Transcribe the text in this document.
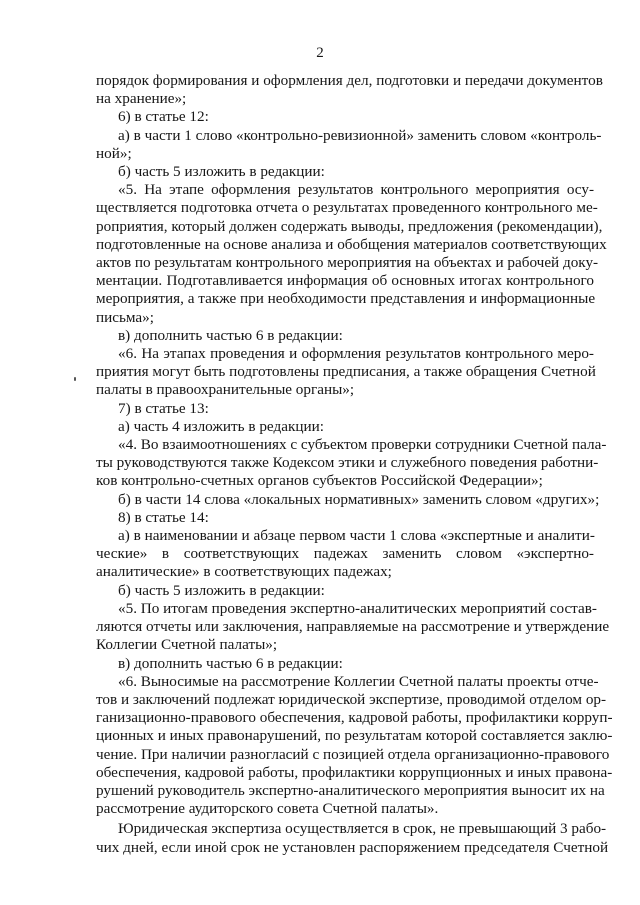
2
порядок формирования и оформления дел, подготовки и передачи документов
на хранение»;
6) в статье 12:
а) в части 1 слово «контрольно-ревизионной» заменить словом «контроль-
ной»;
б) часть 5 изложить в редакции:
«5. На этапе оформления результатов контрольного мероприятия осу-
ществляется подготовка отчета о результатах проведенного контрольного ме-
роприятия, который должен содержать выводы, предложения (рекомендации),
подготовленные на основе анализа и обобщения материалов соответствующих
актов по результатам контрольного мероприятия на объектах и рабочей доку-
ментации. Подготавливается информация об основных итогах контрольного
мероприятия, а также при необходимости представления и информационные
письма»;
в) дополнить частью 6 в редакции:
«6. На этапах проведения и оформления результатов контрольного меро-
приятия могут быть подготовлены предписания, а также обращения Счетной
палаты в правоохранительные органы»;
7) в статье 13:
а) часть 4 изложить в редакции:
«4. Во взаимоотношениях с субъектом проверки сотрудники Счетной пала-
ты руководствуются также Кодексом этики и служебного поведения работни-
ков контрольно-счетных органов субъектов Российской Федерации»;
б) в части 14 слова «локальных нормативных» заменить словом «других»;
8) в статье 14:
а) в наименовании и абзаце первом части 1 слова «экспертные и аналити-
ческие» в соответствующих падежах заменить словом «экспертно-
аналитические» в соответствующих падежах;
б) часть 5 изложить в редакции:
«5. По итогам проведения экспертно-аналитических мероприятий состав-
ляются отчеты или заключения, направляемые на рассмотрение и утверждение
Коллегии Счетной палаты»;
в) дополнить частью 6 в редакции:
«6. Выносимые на рассмотрение Коллегии Счетной палаты проекты отче-
тов и заключений подлежат юридической экспертизе, проводимой отделом ор-
ганизационно-правового обеспечения, кадровой работы, профилактики корруп-
ционных и иных правонарушений, по результатам которой составляется заклю-
чение. При наличии разногласий с позицией отдела организационно-правового
обеспечения, кадровой работы, профилактики коррупционных и иных правона-
рушений руководитель экспертно-аналитического мероприятия выносит их на
рассмотрение аудиторского совета Счетной палаты».
Юридическая экспертиза осуществляется в срок, не превышающий 3 рабо-
чих дней, если иной срок не установлен распоряжением председателя Счетной
